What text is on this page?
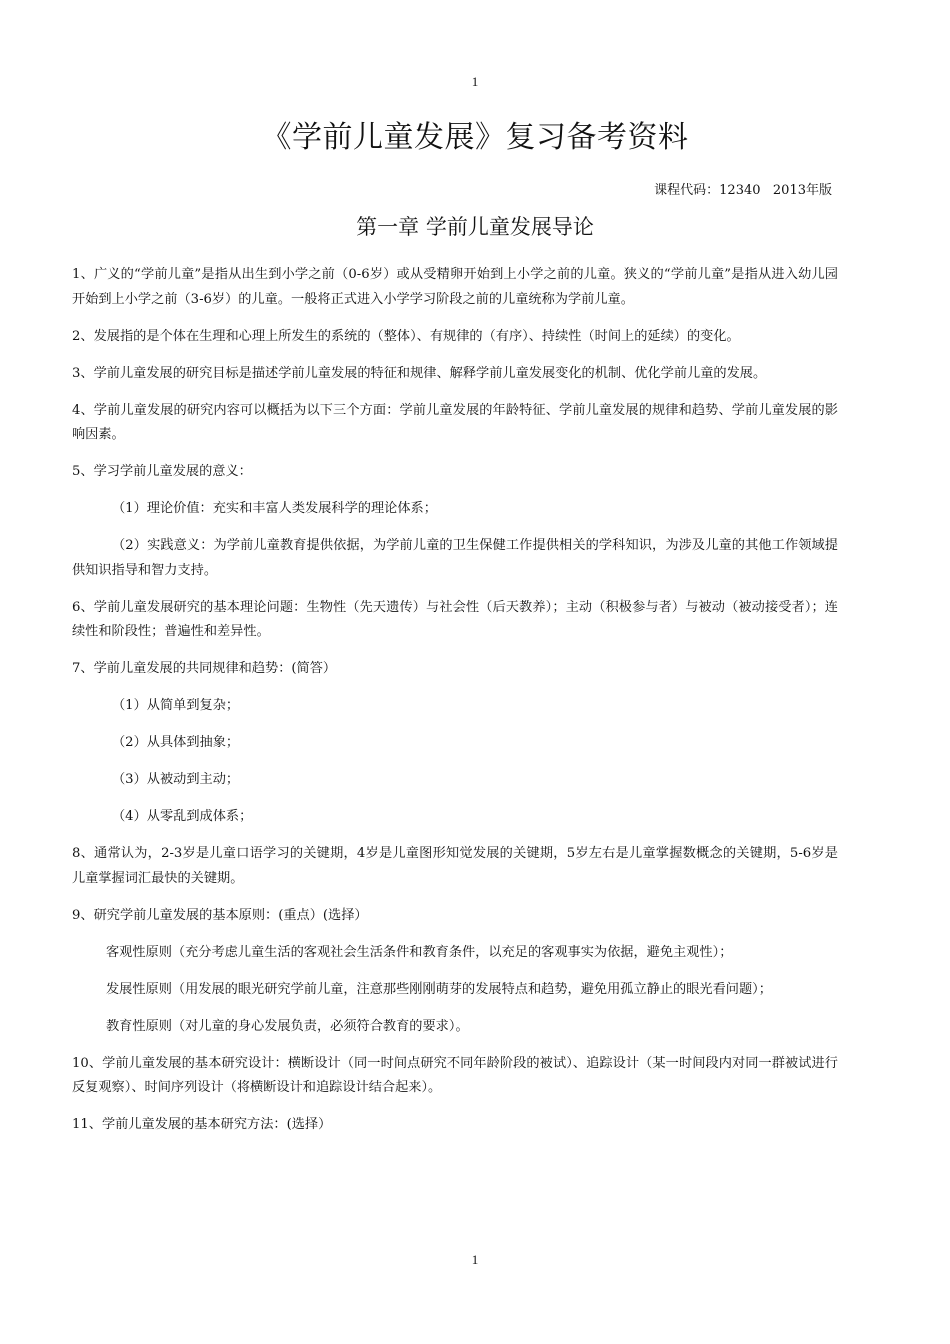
1
《学前儿童发展》复习备考资料
课程代码：12340   2013年版
第一章 学前儿童发展导论

1、广义的“学前儿童”是指从出生到小学之前（0-6岁）或从受精卵开始到上小学之前的儿童。狭义的“学前儿童”是指从进入幼儿园开始到上小学之前（3-6岁）的儿童。一般将正式进入小学学习阶段之前的儿童统称为学前儿童。

2、发展指的是个体在生理和心理上所发生的系统的（整体）、有规律的（有序）、持续性（时间上的延续）的变化。

3、学前儿童发展的研究目标是描述学前儿童发展的特征和规律、解释学前儿童发展变化的机制、优化学前儿童的发展。

4、学前儿童发展的研究内容可以概括为以下三个方面：学前儿童发展的年龄特征、学前儿童发展的规律和趋势、学前儿童发展的影响因素。

5、学习学前儿童发展的意义：

（1）理论价值：充实和丰富人类发展科学的理论体系；

（2）实践意义：为学前儿童教育提供依据，为学前儿童的卫生保健工作提供相关的学科知识，为涉及儿童的其他工作领域提供知识指导和智力支持。

6、学前儿童发展研究的基本理论问题：生物性（先天遗传）与社会性（后天教养）；主动（积极参与者）与被动（被动接受者）；连续性和阶段性；普遍性和差异性。

7、学前儿童发展的共同规律和趋势：(简答）

（1）从简单到复杂；

（2）从具体到抽象；

（3）从被动到主动；

（4）从零乱到成体系；

8、通常认为，2-3岁是儿童口语学习的关键期，4岁是儿童图形知觉发展的关键期，5岁左右是儿童掌握数概念的关键期，5-6岁是儿童掌握词汇最快的关键期。

9、研究学前儿童发展的基本原则：(重点）(选择）

客观性原则（充分考虑儿童生活的客观社会生活条件和教育条件，以充足的客观事实为依据，避免主观性）；

发展性原则（用发展的眼光研究学前儿童，注意那些刚刚萌芽的发展特点和趋势，避免用孤立静止的眼光看问题）；

教育性原则（对儿童的身心发展负责，必须符合教育的要求）。

10、学前儿童发展的基本研究设计：横断设计（同一时间点研究不同年龄阶段的被试）、追踪设计（某一时间段内对同一群被试进行反复观察）、时间序列设计（将横断设计和追踪设计结合起来）。

11、学前儿童发展的基本研究方法：(选择）

1
